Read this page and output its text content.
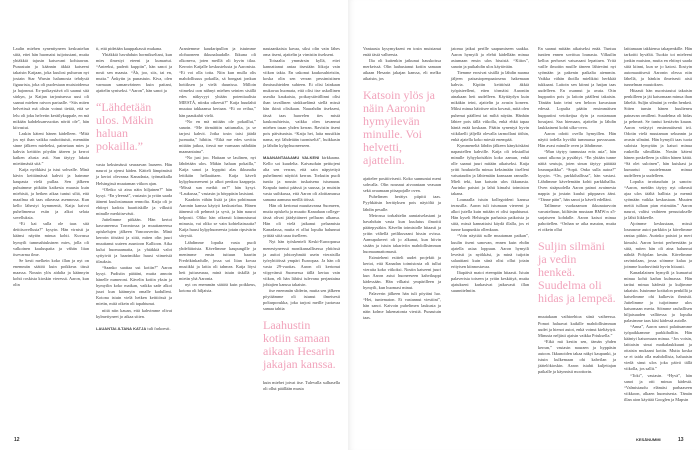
Laulin miehen synenttyneen keskustelun siitä, ettei hän huomaisi tuijotustani, mutta yhtäkkiä tajusin katsovani kohtaavan. Punastuin ja käännin äkkiä katseeni takaisin Katjaan, joka kuulosi puhuvan nyt jostain Star Warsin halumosta tehdystä figuurista, joka oli puolestaan muistoidensa ja hajonnut. Ex-poikaystävä oli saanut sitä särkyn, ja Katjan tarjoutuessa uusi oli saanut miehen raivon partaalle. “Siis miten helvetissä mä olisin voinut tietää, että se lelu oli joku helvetin keräilykappale, en mä mikään kahdeksanvuotias nörtti ole”, hän kiivastui.

Laskin käteni hänen kädelleen. “Mitä jos nyt ihan vaikka rauhoittuisit, mennään sinne jälkeen mieheksi, painetaan mies ja kahvia keittiön pöydän ääreen ja kerrot kaiken alusta asti. Sun täytyy lakata miettimästä sitä.”

Katja nyökkäsi ja istui sohvalle. Minä kävin keittämässä kahvit ja haimme kaupasta vielä pullaa. Sen jälkeen puhuimme pitkään kaikesta muusta kuin miehistä, ja hetken aikaa tuntui siltä, että maailma oli taas oikeassa asennossa. Kun kello lähestyi kymmentä, Katja kaivoi puhelimensa esiin ja alkoi selata sovelluksia.

“Ei kai sulla ole taas sitä deittisovellusta?” kysyin. Hän virnisti ja käänsi näytön minua kohti. Kuvassa hymyili tummahiuksinen mies, jolla oli valkoinen kauluspaita ja vähän liian itsevarma ilme.

Se kesti melkein koko illan ja nyt on enemmän säätöä kuin poikkeus tässä maassa. Nousin ylös aidalta ja käännyin kohti roskista kioskin vieressä. Aaron, kun olin

ti, että pidetään kauppakassit mukana.

Yhtäkkiä havahduin hormikseltani, kun mies ilmestyi eteeni ja kumartui. “Anteeksi, paderit kuppiin”, hän sanoi ja nosti sen maasta. “Äh, joo, siis, tai en, mutta.” Änkytin ja punastuin. Kiva, olen varmaan samanvärinen kuin paitani, ajattelin syniseksi. “Aaron”, hän sanoi ja

“Lähdetään ulos. Mäkin haluan pokailla.”

vasta keksimässä seuraavan lauseen. Hän nauroi ja ojensi käden. Kätteli lämpimästi ja kertoi olevansa Kanadasta, työmatkalla Helsingissä muutaman viikon ajan.

“Oletko sä aina näin hiljainen?” hän kysyi. “En yleensä”, vastasin ja yritin saada ääneni kuulostamaan rennolta. Katja oli jo ehtinyt kadota baaritiskille ja vilkutti minulle merkitsevästi.

Juttelimme pitkään. Hän kertoi kasvaneensa Torontossa ja muuttaneensa opiskelujen jälkeen Vancouveriin. Minä kerroin töistäni ja siitä, miten olin juuri muuttanut uuteen asuntoon Kallioon. Aika kului huomaamatta, ja yhtäkkiä valot syttyivät ja baarimikko huusi viimeisiä tilauksia.

“Saanko saattaa sut kotiin?” Aaron kysyi. Pudistin päätäni, mutta annoin hänelle numeroni. Kävelin kotiin yksin ja hymyilin koko matkan, vaikka sade alkoi juuri kun käännyin omalle kadulleni. Kotona istuin vielä hetken keittiössä ja mietin, mitä oikein oli tapahtunut.

niitä niin kauan, että kahvimme olivat kylmettyneet jo aikaa sitten.

LAUANTAI-ILTANA KATJA tuli farkoesti.

Araniemme kaudaripullon ja istuimme olohuoneen ikkunalaudalle. Ikkuna oli olkoneva, joten meillä oli hyvin tilaa. Kerroin Katjalle keskustelusta ja Aaronista. “Ei voi olla totta. Niin kun mulla olis mahdollisuus pokailla, sä bongaat jonkun hottiksen ja vielä duunissa. Milloin viimeksi oon nähnyt miehen seinien sisällä edes näkyvyyt yhtään potentiaalista MIESTÄ, niinku oikeesti?” Katja huudahti muutaa takkaansa kertaan. “Ei oo reilua,” hän paaukahti vielä.

“No en mä mitään ole pokaillut,” sanoin. “Me törmättiin sattumalta, ja se tarjosi kahvit. Jotka tosin taisi jäädä juomatta,” hihitin. “Eikä me edes sovittu mitään jatkoa, tiessä me varmaan nähdään maanantaina”.

“No just joo. Haitaan se laulinen, nyt lähdetään ulos. Mäkin haluan pokailla,” Katja sanoi ja hyppäsi alas ikkunalta lettikäin hellaaittaen. Katja käveli kylpyhuoneeseni ja alkoi penkoa kaappeja. “Missä sun meikit on?” hän kysyi. “Laukussa,” vastasin ja hörppäsin lasistani.

Kaadoin vähän lisää ja jäin pohtimaan Aaronin kanssa käytyä keskustelua. Hänen äänensä oli pehmeä ja syvä, ja hän nauroi helposti. Oliko hän oikeasti kiinnostunut minusta, vai oliko se vain kohteliaisuutta? Katja huusi kylpyhuoneesta jotain ripsivärin sävystä.

Lähdimme lopulta vasta puoli yhdeltätoista. Kävelimme kaupungille ja menimme ensin tuttuun baariin Fredrikinkadulle, jossa soi liian kovaa musiikki ja lattia oli tahmea. Katja löysi heti juttuseuraa, minä istuin tiskillä ja mietin yhä Aaronia.

nyt on enemmän säätöä kuin poikkeus, kotona oli hiljaista.

nautaankaista kavaa, siksi olin vain lähes oma itseni, ajattelin ja virnistin itsekseni.

Toisaalta ymmärsin kyllä, ettei kannattanut antaa itsestään liikoja vain viikon takia. En uskonut kaukosuhteisiin, koska olin sen verran pessimistinen ihmissuhteiden suhteen. Ei olisi lainkaan mukavaa huomata, että olisi itse uskollinen usealta kaukaista, poikaystävällinni olisi ihan tavallinen sinkkuelämä siellä missä hän ikinä olisikaan. Naurahdin itsekseni, tässä taas haavelen ties mistä kaukosuhteista, vaikka olen tavannut miehen tasan yhden kerran. Ravistin itseni pois päiväunista. “Katja hei, laita musiikin nama, nyt lähdetään tuomiseltä”, huikkasin ja lähdin kylpyhuoneeseen.

MAANANTAIAAMU VALKENI kirkkaana. Kello soi kuudelta. Kaivauduin peittojeni alta sen verran, että sain näpytettyä puhelimeni näyttöä kerran. Torkutin puoli tuntia ja nousin tuskaisena istumaan. Krapula tuntui päässä ja suussa, ja muistin vasta suihkussa, että Aaron oli aloittamassa samana aamuna meillä töissä.

Hän oli kertonut muuttavansa Suomeen, mutta opiskelu ja muutto Kanadaan college-tässä olivat jäädyttäneet pelluran alkansa. Hän oli vielä jatkanut pelaamista Kanadassa, mutta ei ollut lopulta halunnut yrittää siitä uraa itselleen.

Nyt hän työskenteli Keski-Euroopassa menestyneessä monikansallisessa yhtiössä ja auttoi johtoryhmää usein vieraisilla työryhtiöissä ympäri Euroopaa. Ja hän oli vasta 29-vuotias. Aaron oli kertonut viipyvänsä Suomessa tällä kertaa vain viikon, eli hän lähtisi tulevana perjantaina johtajien kanssa takaisin.

itse enemmän sliderin, mutta sen jälkeen pöytäämme oli istunut ilmeisesti poltarporukka, joka tarjosi meille juotavaa samaa tahtia

Laahustin kotiin samaan aikaan Hesarin jakajan kanssa.

kuin miehet joivat itse. Tulevalla sulhasella oli ollut päällään musta

12

Vantaasta kysymykseni en tosin muistanut enää tästä valheesta.

Ilta oli kuitenkin jatkunut hauskoissa merkeissä. Olin laahustanut kotiin samaan aikaan Hesarin jakajan kanssa, eli melko aikaisin, jos

Katsoin ylös ja näin Aaronin hymyilevän minulle. Voi helvetti, ajattelin.

ajatteleе positiivisesti. Koko sunnuntai meni sohvalla. Olin nousnut aivoantaan veasaan sekä avaamaan pitsapojalle oven.

Puhelimen herätys piipitti taas. Pyyhkäisin herätyksen pois näytöltä ja lähdin pesulle.

Metrossa torkahtelin aamiaiselastani ja havahduin vasta kun kuulutus ilmoitti päätepysäkin. Kävelin toimistolle hitaasti ja yritin vältellä peilikuvaani hissin ovissa. Aamupalaveri oli jo alkanut, kun hiivin sisään ja istuin takariviin mahdollisimman huomaamattomasti.

Esimieheni esitteli uudet projektit ja kertoi, että Kanadan toimistosta oli tullut vieraita koko viikoksi. Nostin katseeni juuri kun Aaron astui huoneeseen kahvikuppi kädessään. Hän vilkaisi ympärilleen ja hymyili, kun huomasi minut.

Palaverin jälkeen hän tuli pöytäni luo. “Hei, tuntematon. Et vastannut viestiini”, hän sanoi. Kaivoin puhelimen laukusta ja näin kolme lukematonta viestiä. Punastuin taas.

jatoma jatkui perille saapumiseen saakka. Aaron hymyili ja elehti kädellään minua astumaan ensin ulos hissistä. “Kiitos”, sanoin ja puikahdin ulos käytävään.

Tiemme erosivat sisällä ja lähdin naama jäljeen paisastopenpaatosena hakemaan kahvia. Kipitin keittiöstä äkkiä työpisteelleni, etten törmäisi Aaroniin ainakaan heti uudelleen. Käyttäydyn kuin mikäkin teini, ajattelin ja avasin koneen. Miksi minua häiritsee niin kovasti, mitä olen puhenut päälleni tai miltä näytän. Hänhän lähtee pois tällä viikolla, enkä ehkä tapaa häntä enää koskaan. Päätin synentyä hyvin viikilaelli jäljellä olevalla tarmollani töihin, enkä ajatella koko miestä enempää.

Kymmeneltä lähdin jälkeen känyköskäni napautellen kahville. Katja oli tekstaillut minulle fyhyykoisäkin koko aamun, enkä olle saanut juuri mitään aikaiseksi. Katja yritti houkutella minua keksimään itselleni vatsataudin ja lähtemään kanssaan rannalle. Mieli teki, kun katsoin ulos ikkunasta. Aurinko paistoi ja lahti kimalsi toimiston takana.

Lounaalla istuin kollegoideni kanssa terassilla. Aaron tuli istumaan viereeni ja alkoi jutella kuin mitään ei olisi tapahtunut. Hän kyseli Helsingin parhaista paikoista ja siitä, missä kannattaisi käydä illalla, jos ei tunne kaupunkia ollenkaan.

“Voin näyttää sulle muutaman paikan”, kuulin itseni sanovan, ennen kuin ehdin ajatella asiaa loppuun. Aaron hymyili leveästi ja nyökkäsi, ja minä tuijotin salaattiani kuin siinä olisi ollut jotain erityisen kiinnostavaa.

Iltapäivä matoi eteenpäin hitaasti. Istuin palaverista toiseen ja yritin keskittyä, mutta ajatukseni karkasivat jatkuvasti illan suunnitelmiin.

En saanut mitään aikaiseksi enää. Tuntuu tuntien ennen sovittua lounasta. Vilkuilin kelloa perhoset vatsassani lepattaen. Yritä vaille ilmoitin muille täneen lähteväni nyt syömään ja pakenin paikalta aiemmin. Vaikka vähän ihoilla mielikäsi herkkää tukkaani. Laitoin sen kiinni ja hatjan taas uudelleen. En osannut ja avata. Otin huppariin pois ja laitoin päälleni takaisin. Tänään kuin teini sen heloon kuvastaan edessä. Lopulta päätin ensimmäisen huppariini vetoketjua dyin ja nostamaan hosujani. Saa hiemaan, ajattelin ja lähdin laukkaineni kohti ulko-ovea.

Aaron odotti ovella hymyillen. Hän näytti todella hyvältä tummassa puvussaan. Hän avasi minulle oven ja lähdimme.

“Mun täytyy tunnustaa eräs asia”, hän sanoi ulkona ja pysähtyi. “En yhtään tunne näitä seutuja, joten sinun täytyy päättää lounaspaikka”. “Sopii. Onko sulla autoa?” kysyin. “On, parkkihallissa”, hän vastasi. Lähdimme kävelemään kohti parkkihallia. Oven sisäpuolella Aaron painoi avaimesta nappia ja jostain kuului piippaava ääni. “Tänne päin”, hän sanoi ja käveli edelläni.

Tallimme vuokraamon ikkunatarvoin varusteltuun, kiiltävän mustaan BMW:n x5-sarjaiseen kohdalle. Aaron katsoi minua pahoitellen. “Onhan se aika mauton, mutta ei oikein ollut

Suljin silmäni ja vedin henkeä. Suudelma oli hidas ja lempeä.

muutakaan vaihtoehtoa siinä vaiheessa. Pomot haluavat kaikille mahdollisimman uudet ja hienot autot, enkä voinut kieltäytyä. Minusta neljästi ajaisin vaikka Priuksella.”

“Eikä mä kestin sen, tämän yhden kerran,” vastasin nauraen ja hyppäsin autoon. Ikkunoiden takaa näkyi kaupunki, ja istuin kulkemaan ohi kahvilan ja jäätelökioskin. Aaron istahti kuljettajan paikalle ja käynnisti moottorin.

laittamaan takkiensa takapenkille. Hän tarkoitti hyvältä. Tuokio toi mieleeni jonkin muiston, mutta en ehtinyt saada siitä kiinni, kun se jo katosi. Ilostyin automaattisesti Aaronin olessa niin lähellä, ja hänkin ilmeisesti aisti tunnelman muutoksen.

Hitaasti hän nuoristautui takaisin penkilleen ja jäi katsomaan minua ihan läheltä. Suljin silmäni ja vedin henkeä. Sitten tunsin hänen huulteneu painavan omilleni. Suudelma oli hidas ja pehmeä. Se tuntui kestävän kauan. Aaron vetäytyi ensimmäisenä irti. Odotin vielä muutaman sekunnin ja avasin silmäni. Hän hymyili taas tuota suloista hymyään ja katsoi minua ruskeilla silmillään. Nostin käteni hänen poskelleen ja silitin hänen kättä. “Sä olet suloinen”, hän kuiskasi ja kumartui suutelemaan minua uudelleen ja uudelleen.

Lopulta irrottauduin ja sanoin: “Aaron, meidän täytyy nyt oikeasti ajaa ulos täältä hallista ja mennä syömään vaikka keskustaan. Muuten meitä tullaan pian etsimään.” Aaron nauroi, valitsi vaihteen peruutukselle ja lähti liikkeelle.

Ajoimme keskustaan, missä lounasme autot parkkiin ja kävelimme rantaa pitkin. Aurinko paistoi ja meri kimalsi. Aaron kertoi perheestään ja siitä, miten hän oli aina halunnut nähdä Pohjolan kesän. Kävelimme ravintolaan, jossa söimme kalaa ja joimme kuohuviiniä hyvin hitaasti.

Kanadalainen hymyili ja kumartui minua kohti kadun kulmassa. Hän tarttui minua kädestä ja kuljimme takaisin. Istuimme kotitalon penkillä ja katselimme ohi kulkevia ihmisiä. Juttelimme ja tuijotimme ulos katsomaan merta. Söimme rauhallisen hiljaisuuden vallitessa ja lopulta palasimme taas käsi kädessä autolle.

“Anna”, Aaron sanoi palattuamme työpaikkamme parkkihalliin. Hän kääntyi katsomaan minua. “Jos voisin, laittaisin sinut matkalaukkuuni ja ottaisin mukaani kotiin. Mutta koska se ei taida olla mahdollista, haluaisin viedä sinut ulos joka päivä tällä viikolla, jos sallit.”

“Toki”, vastasin. “Hyvä”, hän sanoi ja otti minua kädestä. “Valmistaudu elämäsi parhaaseen viikkoon, alkaen huomisesta. Tämän illan aion käyttää Googlen ja Mapsin

KESÄNUMMI	13
